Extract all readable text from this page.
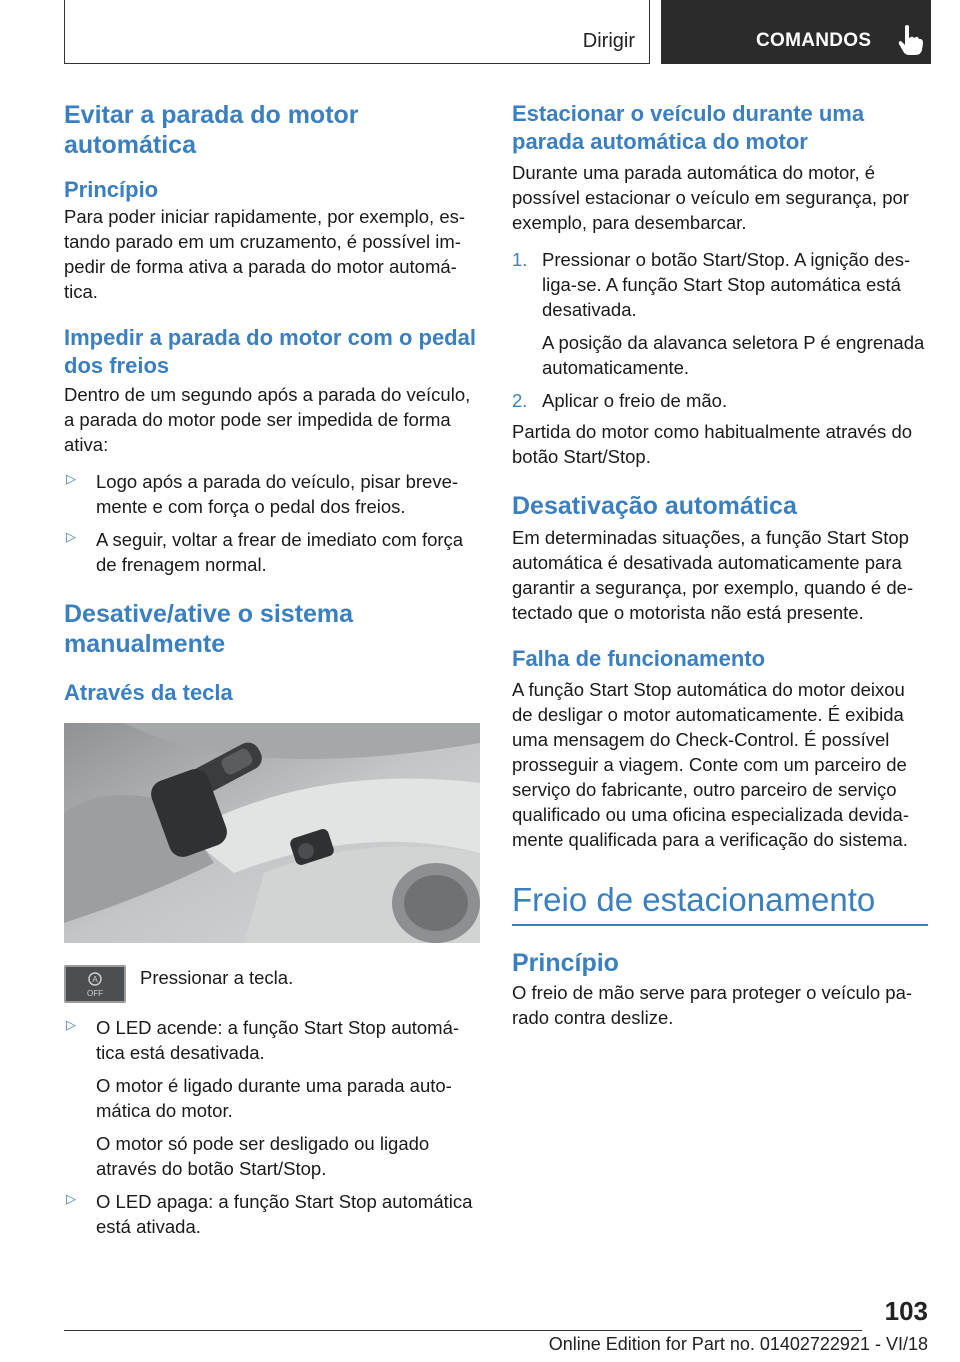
Dirigir	COMANDOS
Evitar a parada do motor automática
Princípio

Para poder iniciar rapidamente, por exemplo, estando parado em um cruzamento, é possível impedir de forma ativa a parada do motor automática.

Impedir a parada do motor com o pedal dos freios

Dentro de um segundo após a parada do veículo, a parada do motor pode ser impedida de forma ativa:

▷ Logo após a parada do veículo, pisar brevemente e com força o pedal dos freios.

▷ A seguir, voltar a frear de imediato com força de frenagem normal.

Desative/ative o sistema manualmente
Através da tecla
A
OFF

Pressionar a tecla.

▷ O LED acende: a função Start Stop automática está desativada.

O motor é ligado durante uma parada automática do motor.

O motor só pode ser desligado ou ligado através do botão Start/Stop.

▷ O LED apaga: a função Start Stop automática está ativada.

Estacionar o veículo durante uma parada automática do motor

Durante uma parada automática do motor, é possível estacionar o veículo em segurança, por exemplo, para desembarcar.

1. Pressionar o botão Start/Stop. A ignição desliga-se. A função Start Stop automática está desativada.

A posição da alavanca seletora P é engrenada automaticamente.

2. Aplicar o freio de mão.

Partida do motor como habitualmente através do botão Start/Stop.

Desativação automática

Em determinadas situações, a função Start Stop automática é desativada automaticamente para garantir a segurança, por exemplo, quando é detectado que o motorista não está presente.

Falha de funcionamento

A função Start Stop automática do motor deixou de desligar o motor automaticamente. É exibida uma mensagem do Check-Control. É possível prosseguir a viagem. Conte com um parceiro de serviço do fabricante, outro parceiro de serviço qualificado ou uma oficina especializada devidamente qualificada para a verificação do sistema.

Freio de estacionamento
Princípio

O freio de mão serve para proteger o veículo parado contra deslize.

103
Online Edition for Part no. 01402722921 - VI/18
